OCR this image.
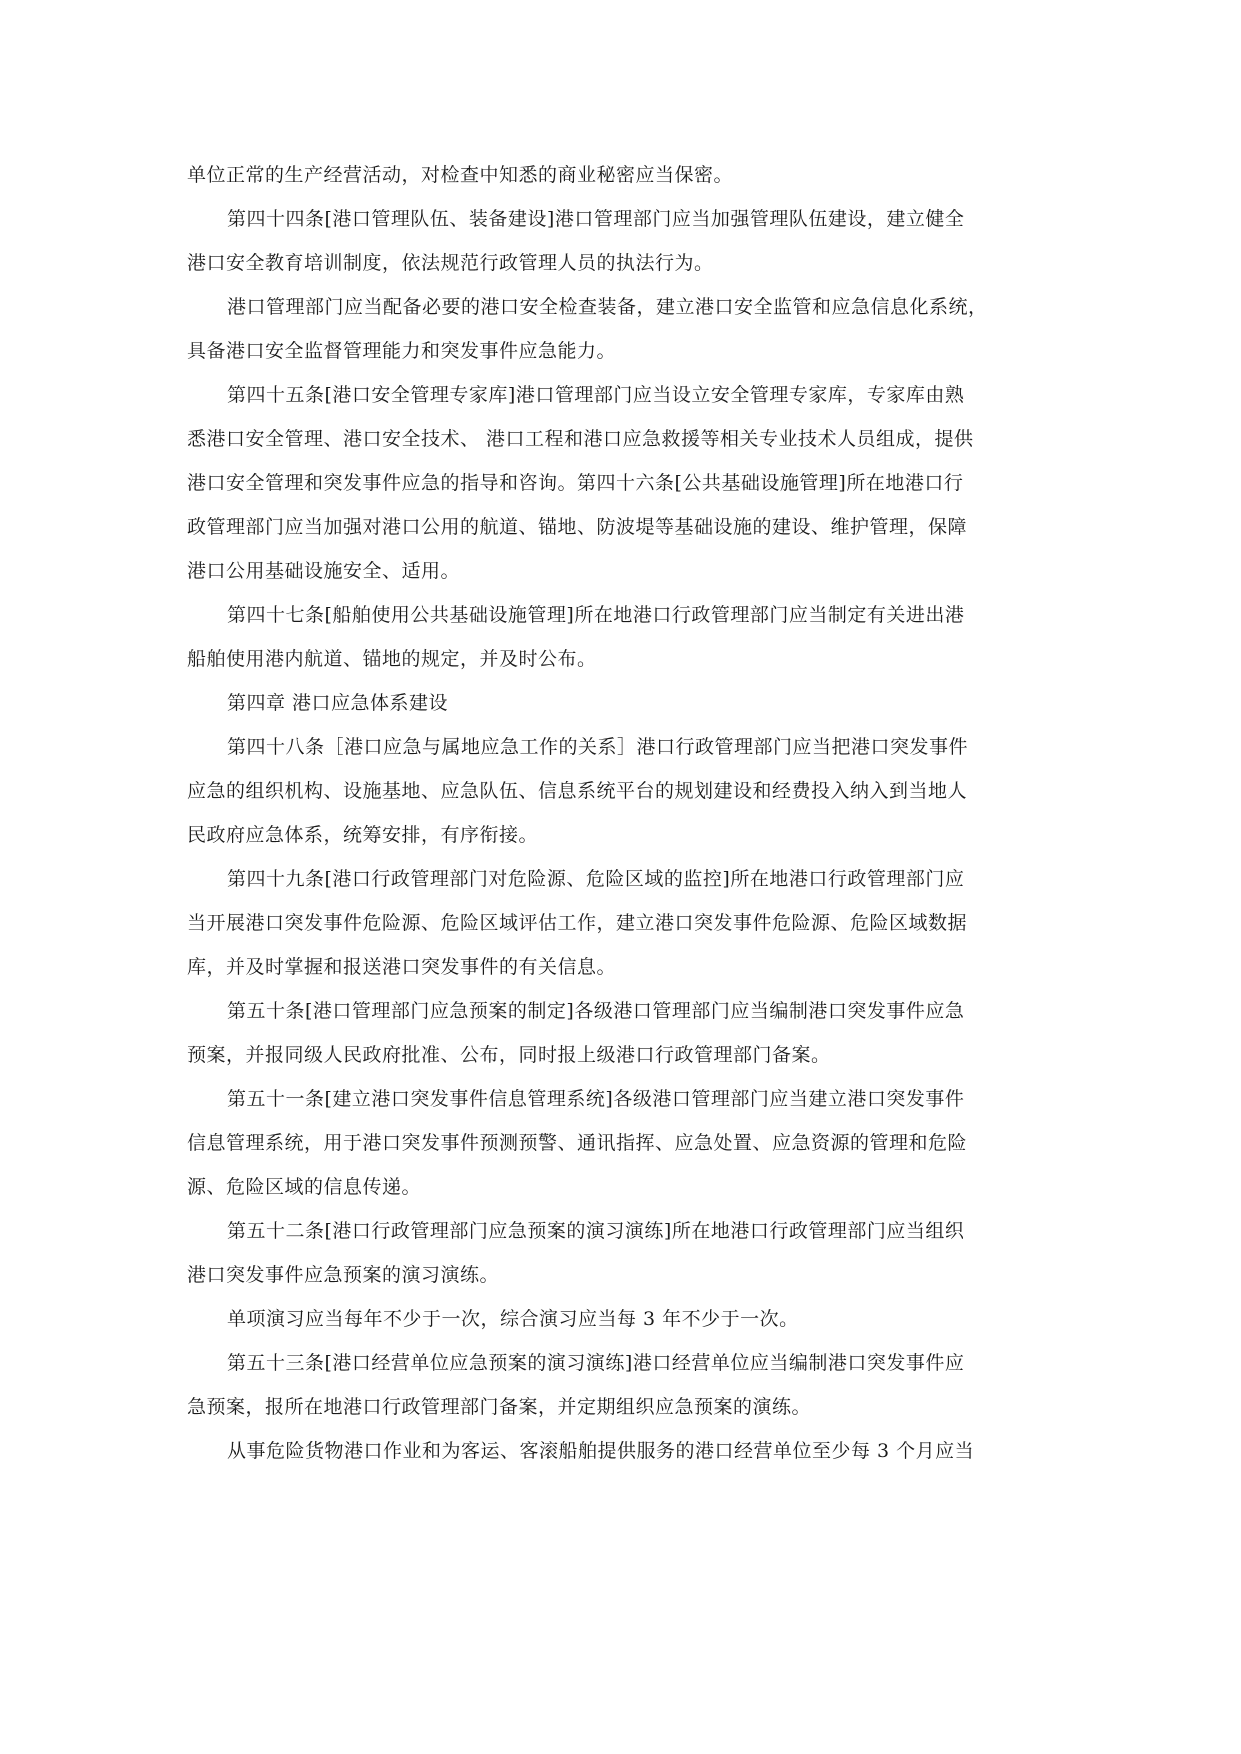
单位正常的生产经营活动，对检查中知悉的商业秘密应当保密。
第四十四条[港口管理队伍、装备建设]港口管理部门应当加强管理队伍建设，建立健全
港口安全教育培训制度，依法规范行政管理人员的执法行为。
港口管理部门应当配备必要的港口安全检查装备，建立港口安全监管和应急信息化系统，
具备港口安全监督管理能力和突发事件应急能力。
第四十五条[港口安全管理专家库]港口管理部门应当设立安全管理专家库，专家库由熟
悉港口安全管理、港口安全技术、 港口工程和港口应急救援等相关专业技术人员组成，提供
港口安全管理和突发事件应急的指导和咨询。第四十六条[公共基础设施管理]所在地港口行
政管理部门应当加强对港口公用的航道、锚地、防波堤等基础设施的建设、维护管理，保障
港口公用基础设施安全、适用。
第四十七条[船舶使用公共基础设施管理]所在地港口行政管理部门应当制定有关进出港
船舶使用港内航道、锚地的规定，并及时公布。
第四章 港口应急体系建设
第四十八条［港口应急与属地应急工作的关系］港口行政管理部门应当把港口突发事件
应急的组织机构、设施基地、应急队伍、信息系统平台的规划建设和经费投入纳入到当地人
民政府应急体系，统筹安排，有序衔接。
第四十九条[港口行政管理部门对危险源、危险区域的监控]所在地港口行政管理部门应
当开展港口突发事件危险源、危险区域评估工作，建立港口突发事件危险源、危险区域数据
库，并及时掌握和报送港口突发事件的有关信息。
第五十条[港口管理部门应急预案的制定]各级港口管理部门应当编制港口突发事件应急
预案，并报同级人民政府批准、公布，同时报上级港口行政管理部门备案。
第五十一条[建立港口突发事件信息管理系统]各级港口管理部门应当建立港口突发事件
信息管理系统，用于港口突发事件预测预警、通讯指挥、应急处置、应急资源的管理和危险
源、危险区域的信息传递。
第五十二条[港口行政管理部门应急预案的演习演练]所在地港口行政管理部门应当组织
港口突发事件应急预案的演习演练。
单项演习应当每年不少于一次，综合演习应当每 3 年不少于一次。
第五十三条[港口经营单位应急预案的演习演练]港口经营单位应当编制港口突发事件应
急预案，报所在地港口行政管理部门备案，并定期组织应急预案的演练。
从事危险货物港口作业和为客运、客滚船舶提供服务的港口经营单位至少每 3 个月应当
